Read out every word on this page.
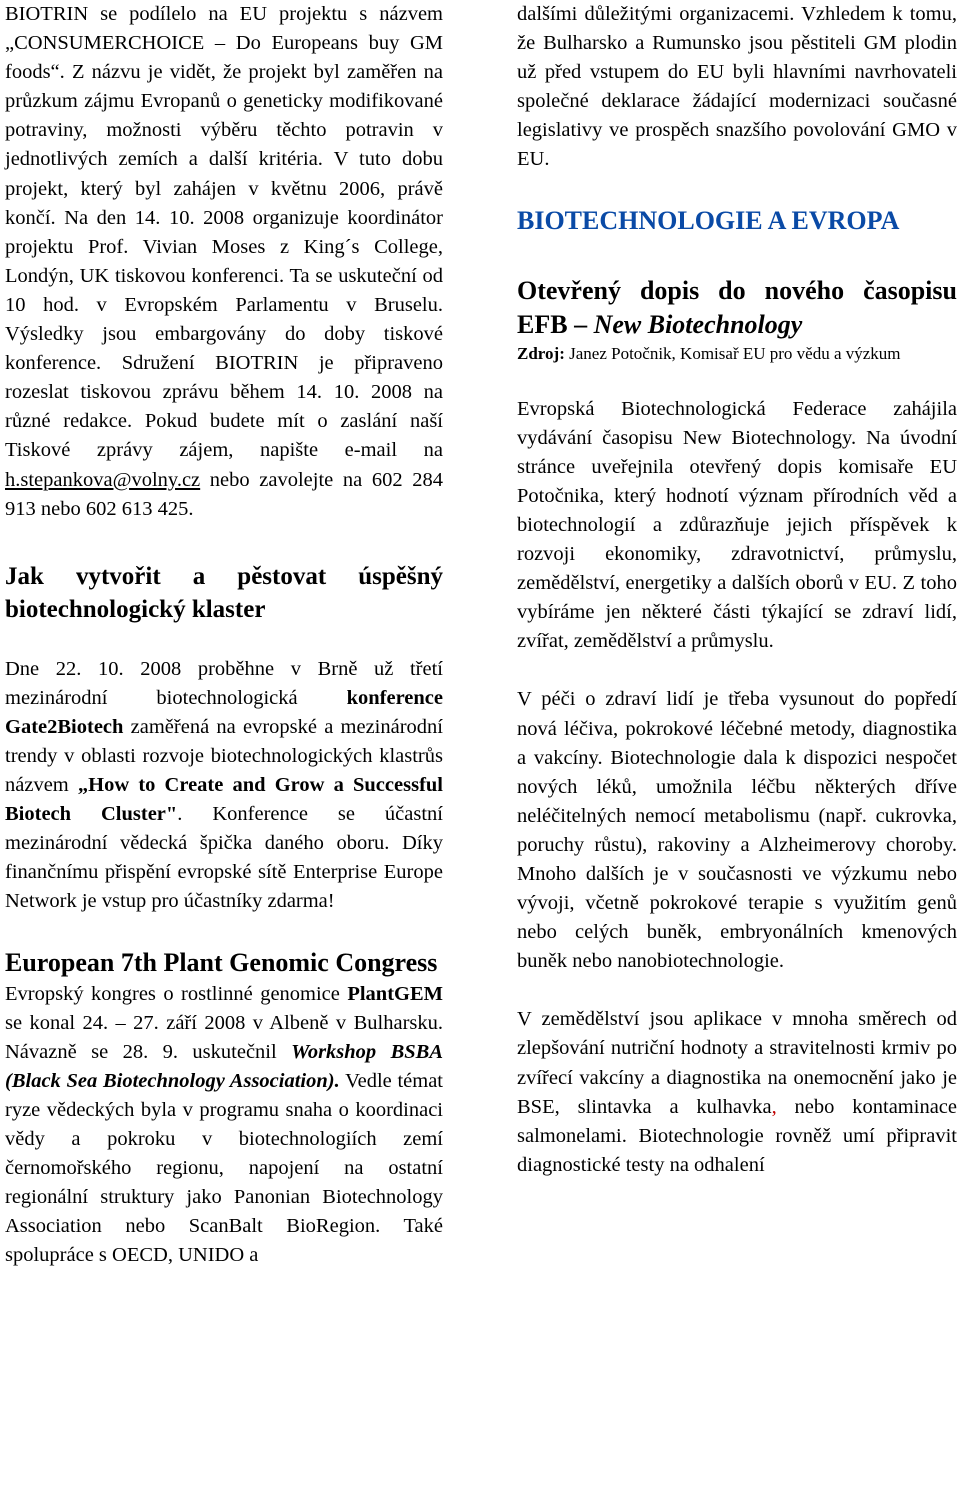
BIOTRIN se podílelo na EU projektu s názvem „CONSUMERCHOICE – Do Europeans buy GM foods“. Z názvu je vidět, že projekt byl zaměřen na průzkum zájmu Evropanů o geneticky modifikované potraviny, možnosti výběru těchto potravin v jednotlivých zemích a další kritéria. V tuto dobu projekt, který byl zahájen v květnu 2006, právě končí. Na den 14. 10. 2008 organizuje koordinátor projektu Prof. Vivian Moses z King´s College, Londýn, UK tiskovou konferenci. Ta se uskuteční od 10 hod. v Evropském Parlamentu v Bruselu. Výsledky jsou embargovány do doby tiskové konference. Sdružení BIOTRIN je připraveno rozeslat tiskovou zprávu během 14. 10. 2008 na různé redakce. Pokud budete mít o zaslání naší Tiskové zprávy zájem, napište e-mail na h.stepankova@volny.cz nebo zavolejte na 602 284 913 nebo 602 613 425.

Jak vytvořit a pěstovat úspěšný biotechnologický klaster

Dne 22. 10. 2008 proběhne v Brně už třetí mezinárodní biotechnologická konference Gate2Biotech zaměřená na evropské a mezinárodní trendy v oblasti rozvoje biotechnologických klastrůs názvem „How to Create and Grow a Successful Biotech Cluster". Konference se účastní mezinárodní vědecká špička daného oboru. Díky finančnímu přispění evropské sítě Enterprise Europe Network je vstup pro účastníky zdarma!

European 7th Plant Genomic Congress

Evropský kongres o rostlinné genomice PlantGEM se konal 24. – 27. září 2008 v Albeně v Bulharsku. Návazně se 28. 9. uskutečnil Workshop BSBA (Black Sea Biotechnology Association). Vedle témat ryze vědeckých byla v programu snaha o koordinaci vědy a pokroku v biotechnologiích zemí černomořského regionu, napojení na ostatní regionální struktury jako Panonian Biotechnology Association nebo ScanBalt BioRegion. Také spolupráce s OECD, UNIDO a

dalšími důležitými organizacemi. Vzhledem k tomu, že Bulharsko a Rumunsko jsou pěstiteli GM plodin už před vstupem do EU byli hlavními navrhovateli společné deklarace žádající modernizaci současné legislativy ve prospěch snazšího povolování GMO v EU.

BIOTECHNOLOGIE A EVROPA
Otevřený dopis do nového časopisu EFB – New Biotechnology

Zdroj: Janez Potočnik, Komisař EU pro vědu a výzkum

Evropská Biotechnologická Federace zahájila vydávání časopisu New Biotechnology. Na úvodní stránce uveřejnila otevřený dopis komisaře EU Potočnika, který hodnotí význam přírodních věd a biotechnologií a zdůrazňuje jejich příspěvek k rozvoji ekonomiky, zdravotnictví, průmyslu, zemědělství, energetiky a dalších oborů v EU. Z toho vybíráme jen některé části týkající se zdraví lidí, zvířat, zemědělství a průmyslu.

V péči o zdraví lidí je třeba vysunout do popředí nová léčiva, pokrokové léčebné metody, diagnostika a vakcíny. Biotechnologie dala k dispozici nespočet nových léků, umožnila léčbu některých dříve neléčitelných nemocí metabolismu (např. cukrovka, poruchy růstu), rakoviny a Alzheimerovy choroby. Mnoho dalších je v současnosti ve výzkumu nebo vývoji, včetně pokrokové terapie s využitím genů nebo celých buněk, embryonálních kmenových buněk nebo nanobiotechnologie.

V zemědělství jsou aplikace v mnoha směrech od zlepšování nutriční hodnoty a stravitelnosti krmiv po zvířecí vakcíny a diagnostika na onemocnění jako je BSE, slintavka a kulhavka, nebo kontaminace salmonelami. Biotechnologie rovněž umí připravit diagnostické testy na odhalení
